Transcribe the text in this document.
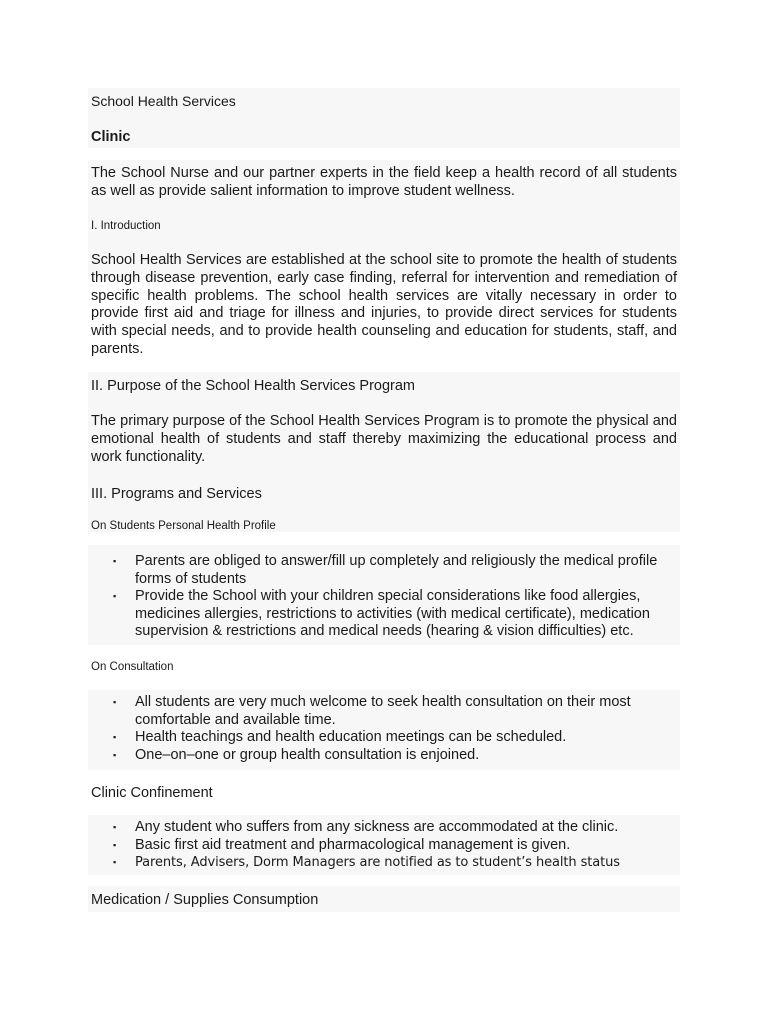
School Health Services

Clinic

The School Nurse and our partner experts in the field keep a health record of all students as well as provide salient information to improve student wellness.

I. Introduction

School Health Services are established at the school site to promote the health of students through disease prevention, early case finding, referral for intervention and remediation of specific health problems. The school health services are vitally necessary in order to provide first aid and triage for illness and injuries, to provide direct services for students with special needs, and to provide health counseling and education for students, staff, and parents.

II. Purpose of the School Health Services Program

The primary purpose of the School Health Services Program is to promote the physical and emotional health of students and staff thereby maximizing the educational process and work functionality.

III. Programs and Services

On Students Personal Health Profile

▪ Parents are obliged to answer/fill up completely and religiously the medical profile forms of students
▪ Provide the School with your children special considerations like food allergies, medicines allergies, restrictions to activities (with medical certificate), medication supervision & restrictions and medical needs (hearing & vision difficulties) etc.

On Consultation

▪ All students are very much welcome to seek health consultation on their most comfortable and available time.
▪ Health teachings and health education meetings can be scheduled.
▪ One–on–one or group health consultation is enjoined.

Clinic Confinement

▪ Any student who suffers from any sickness are accommodated at the clinic.
▪ Basic first aid treatment and pharmacological management is given.
▪ Parents, Advisers, Dorm Managers are notified as to student’s health status

Medication / Supplies Consumption
